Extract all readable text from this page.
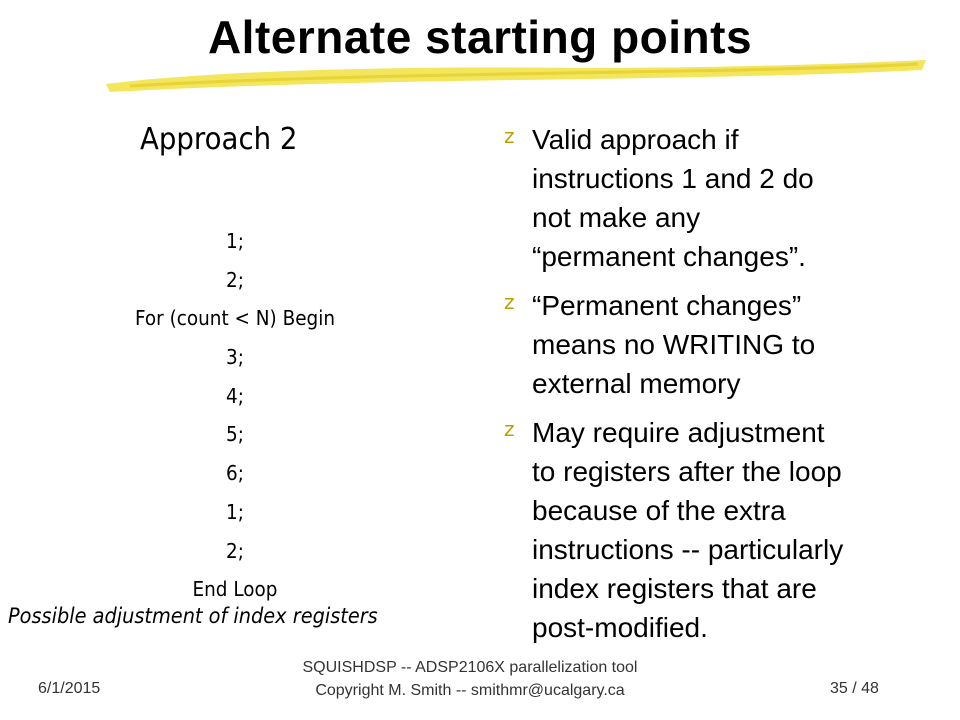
Alternate starting points
Approach 2
1;
2;
For (count < N) Begin
3;
4;
5;
6;
1;
2;
End Loop
Possible adjustment of index registers
z Valid approach if
instructions 1 and 2 do
not make any
“permanent changes”.
z “Permanent changes”
means no WRITING to
external memory
z May require adjustment
to registers after the loop
because of the extra
instructions -- particularly
index registers that are
post-modified.
6/1/2015
SQUISHDSP -- ADSP2106X parallelization tool
Copyright M. Smith -- smithmr@ucalgary.ca	35 / 48
